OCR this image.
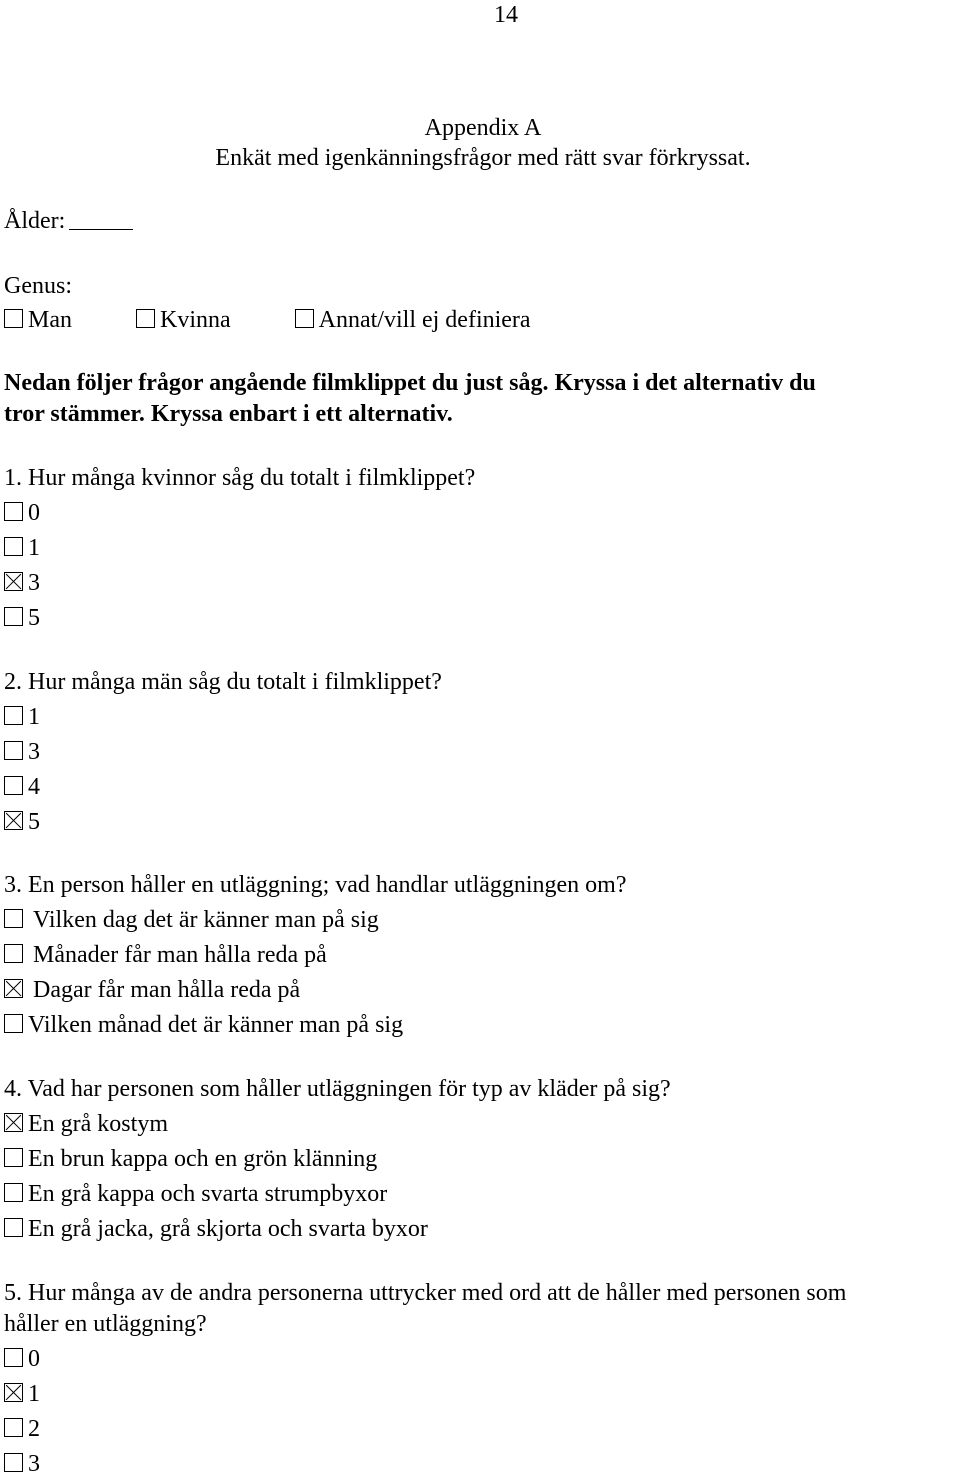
14
Appendix A
Enkät med igenkänningsfrågor med rätt svar förkryssat.
Ålder:
Genus:
Man	Kvinna	Annat/vill ej definiera
Nedan följer frågor angående filmklippet du just såg. Kryssa i det alternativ du
tror stämmer. Kryssa enbart i ett alternativ.
1. Hur många kvinnor såg du totalt i filmklippet?
0
1
3
5
2. Hur många män såg du totalt i filmklippet?
1
3
4
5
3. En person håller en utläggning; vad handlar utläggningen om?
Vilken dag det är känner man på sig
Månader får man hålla reda på
Dagar får man hålla reda på
Vilken månad det är känner man på sig
4. Vad har personen som håller utläggningen för typ av kläder på sig?
En grå kostym
En brun kappa och en grön klänning
En grå kappa och svarta strumpbyxor
En grå jacka, grå skjorta och svarta byxor
5. Hur många av de andra personerna uttrycker med ord att de håller med personen som
håller en utläggning?
0
1
2
3
